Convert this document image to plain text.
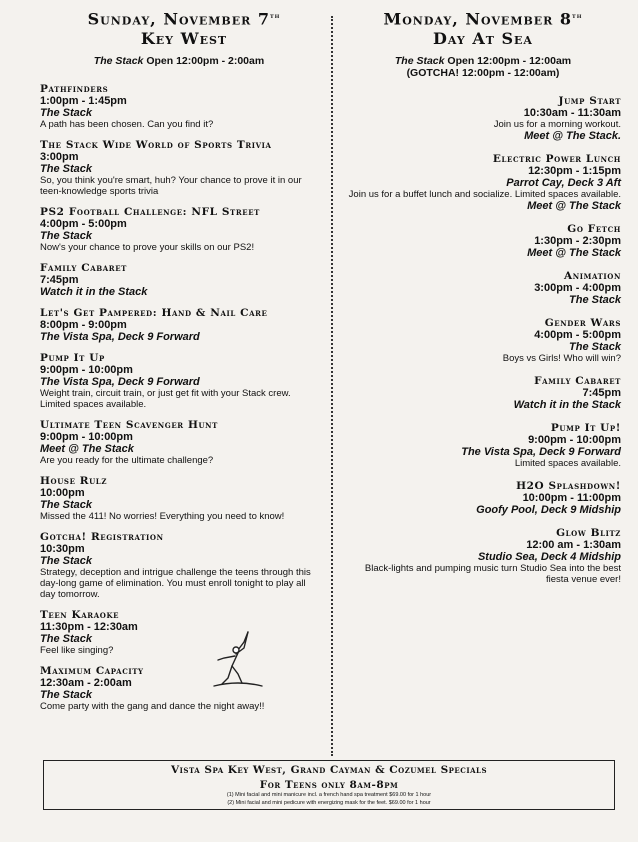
Sunday, November 7th
Key West
The Stack Open 12:00pm - 2:00am
Pathfinders
1:00pm - 1:45pm
The Stack
A path has been chosen. Can you find it?
The Stack Wide World of Sports Trivia
3:00pm
The Stack
So, you think you're smart, huh? Your chance to prove it in our teen-knowledge sports trivia
PS2 Football Challenge: NFL Street
4:00pm - 5:00pm
The Stack
Now's your chance to prove your skills on our PS2!
Family Cabaret
7:45pm
Watch it in the Stack
Let's Get Pampered: Hand & Nail Care
8:00pm - 9:00pm
The Vista Spa, Deck 9 Forward
Pump It Up
9:00pm - 10:00pm
The Vista Spa, Deck 9 Forward
Weight train, circuit train, or just get fit with your Stack crew. Limited spaces available.
Ultimate Teen Scavenger Hunt
9:00pm - 10:00pm
Meet @ The Stack
Are you ready for the ultimate challenge?
House Rulz
10:00pm
The Stack
Missed the 411! No worries! Everything you need to know!
Gotcha! Registration
10:30pm
The Stack
Strategy, deception and intrigue challenge the teens through this day-long game of elimination. You must enroll tonight to play all day tomorrow.
Teen Karaoke
11:30pm - 12:30am
The Stack
Feel like singing?
Maximum Capacity
12:30am - 2:00am
The Stack
Come party with the gang and dance the night away!!
Monday, November 8th
Day At Sea
The Stack Open 12:00pm - 12:00am
(GOTCHA! 12:00pm - 12:00am)
Jump Start
10:30am - 11:30am
Join us for a morning workout.
Meet @ The Stack.
Electric Power Lunch
12:30pm - 1:15pm
Parrot Cay, Deck 3 Aft
Join us for a buffet lunch and socialize. Limited spaces available.
Meet @ The Stack
Go Fetch
1:30pm - 2:30pm
Meet @ The Stack
Animation
3:00pm - 4:00pm
The Stack
Gender Wars
4:00pm - 5:00pm
The Stack
Boys vs Girls! Who will win?
Family Cabaret
7:45pm
Watch it in the Stack
Pump It Up!
9:00pm - 10:00pm
The Vista Spa, Deck 9 Forward
Limited spaces available.
H2O Splashdown!
10:00pm - 11:00pm
Goofy Pool, Deck 9 Midship
Glow Blitz
12:00 am - 1:30am
Studio Sea, Deck 4 Midship
Black-lights and pumping music turn Studio Sea into the best fiesta venue ever!
Vista Spa Key West, Grand Cayman & Cozumel Specials
For Teens only 8am-8pm
(1) Mini facial and mini manicure incl. a french hand spa treatment $69.00 for 1 hour
(2) Mini facial and mini pedicure with energizing mask for the feet. $69.00 for 1 hour
